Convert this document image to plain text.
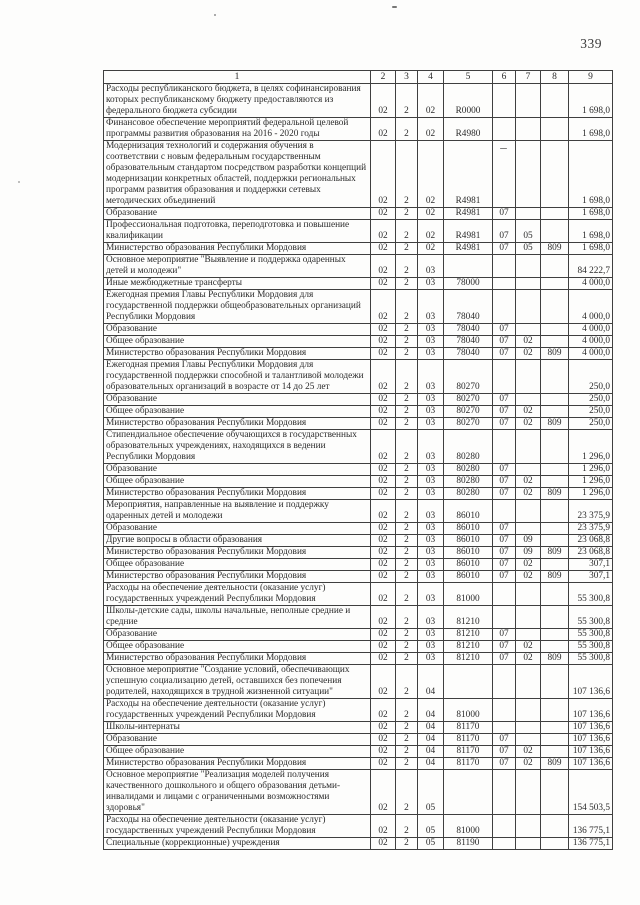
339
1	2	3	4	5	6	7	8	9
Расходы республиканского бюджета, в целях софинансирования которых республиканскому бюджету предоставляются из федерального бюджета субсидии	02	2	02	R0000				1 698,0
Финансовое обеспечение мероприятий федеральной целевой программы развития образования на 2016 - 2020 годы	02	2	02	R4980				1 698,0
Модернизация технологий и содержания обучения в соответствии с новым федеральным государственным образовательным стандартом посредством разработки концепций модернизации конкретных областей, поддержки региональных программ развития образования и поддержки сетевых методических объединений	02	2	02	R4981				1 698,0
Образование	02	2	02	R4981	07			1 698,0
Профессиональная подготовка, переподготовка и повышение квалификации	02	2	02	R4981	07	05		1 698,0
Министерство образования Республики Мордовия	02	2	02	R4981	07	05	809	1 698,0
Основное мероприятие "Выявление и поддержка одаренных детей и молодежи"	02	2	03					84 222,7
Иные межбюджетные трансферты	02	2	03	78000				4 000,0
Ежегодная премия Главы Республики Мордовия для государственной поддержки общеобразовательных организаций Республики Мордовия	02	2	03	78040				4 000,0
Образование	02	2	03	78040	07			4 000,0
Общее образование	02	2	03	78040	07	02		4 000,0
Министерство образования Республики Мордовия	02	2	03	78040	07	02	809	4 000,0
Ежегодная премия Главы Республики Мордовия для государственной поддержки способной и талантливой молодежи образовательных организаций в возрасте от 14 до 25 лет	02	2	03	80270				250,0
Образование	02	2	03	80270	07			250,0
Общее образование	02	2	03	80270	07	02		250,0
Министерство образования Республики Мордовия	02	2	03	80270	07	02	809	250,0
Стипендиальное обеспечение обучающихся в государственных образовательных учреждениях, находящихся в ведении Республики Мордовия	02	2	03	80280				1 296,0
Образование	02	2	03	80280	07			1 296,0
Общее образование	02	2	03	80280	07	02		1 296,0
Министерство образования Республики Мордовия	02	2	03	80280	07	02	809	1 296,0
Мероприятия, направленные на выявление и поддержку одаренных детей и молодежи	02	2	03	86010				23 375,9
Образование	02	2	03	86010	07			23 375,9
Другие вопросы в области образования	02	2	03	86010	07	09		23 068,8
Министерство образования Республики Мордовия	02	2	03	86010	07	09	809	23 068,8
Общее образование	02	2	03	86010	07	02		307,1
Министерство образования Республики Мордовия	02	2	03	86010	07	02	809	307,1
Расходы на обеспечение деятельности (оказание услуг) государственных учреждений Республики Мордовия	02	2	03	81000				55 300,8
Школы-детские сады, школы начальные, неполные средние и средние	02	2	03	81210				55 300,8
Образование	02	2	03	81210	07			55 300,8
Общее образование	02	2	03	81210	07	02		55 300,8
Министерство образования Республики Мордовия	02	2	03	81210	07	02	809	55 300,8
Основное мероприятие "Создание условий, обеспечивающих успешную социализацию детей, оставшихся без попечения родителей, находящихся в трудной жизненной ситуации"	02	2	04					107 136,6
Расходы на обеспечение деятельности (оказание услуг) государственных учреждений Республики Мордовия	02	2	04	81000				107 136,6
Школы-интернаты	02	2	04	81170				107 136,6
Образование	02	2	04	81170	07			107 136,6
Общее образование	02	2	04	81170	07	02		107 136,6
Министерство образования Республики Мордовия	02	2	04	81170	07	02	809	107 136,6
Основное мероприятие "Реализация моделей получения качественного дошкольного и общего образования детьми-инвалидами и лицами с ограниченными возможностями здоровья"	02	2	05					154 503,5
Расходы на обеспечение деятельности (оказание услуг) государственных учреждений Республики Мордовия	02	2	05	81000				136 775,1
Специальные (коррекционные) учреждения	02	2	05	81190				136 775,1
